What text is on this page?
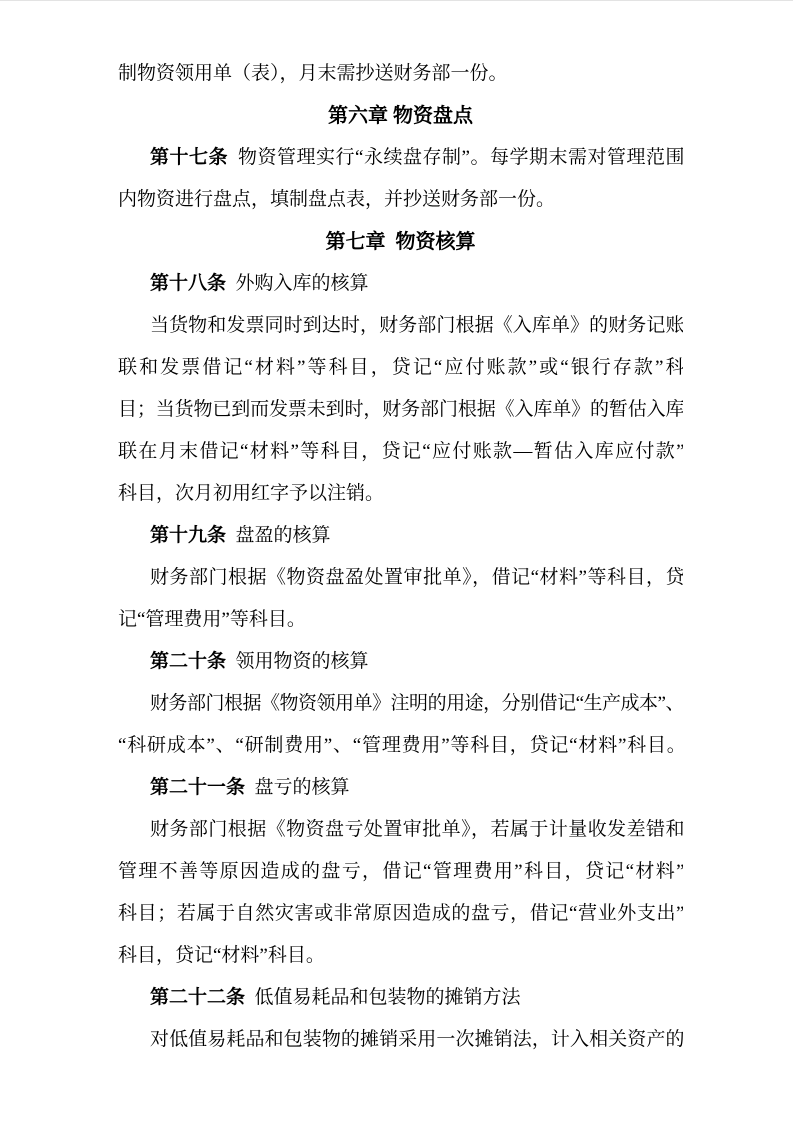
制物资领用单（表），月末需抄送财务部一份。
第六章 物资盘点
第十七条 物资管理实行“永续盘存制”。每学期末需对管理范围
内物资进行盘点，填制盘点表，并抄送财务部一份。
第七章 物资核算
第十八条 外购入库的核算
当货物和发票同时到达时，财务部门根据《入库单》的财务记账
联和发票借记“材料”等科目，贷记“应付账款”或“银行存款”科
目；当货物已到而发票未到时，财务部门根据《入库单》的暂估入库
联在月末借记“材料”等科目，贷记“应付账款—暂估入库应付款”
科目，次月初用红字予以注销。
第十九条 盘盈的核算
财务部门根据《物资盘盈处置审批单》，借记“材料”等科目，贷
记“管理费用”等科目。
第二十条 领用物资的核算
财务部门根据《物资领用单》注明的用途，分别借记“生产成本”、
“科研成本”、“研制费用”、“管理费用”等科目，贷记“材料”科目。
第二十一条 盘亏的核算
财务部门根据《物资盘亏处置审批单》，若属于计量收发差错和
管理不善等原因造成的盘亏，借记“管理费用”科目，贷记“材料”
科目；若属于自然灾害或非常原因造成的盘亏，借记“营业外支出”
科目，贷记“材料”科目。
第二十二条 低值易耗品和包装物的摊销方法
对低值易耗品和包装物的摊销采用一次摊销法，计入相关资产的
